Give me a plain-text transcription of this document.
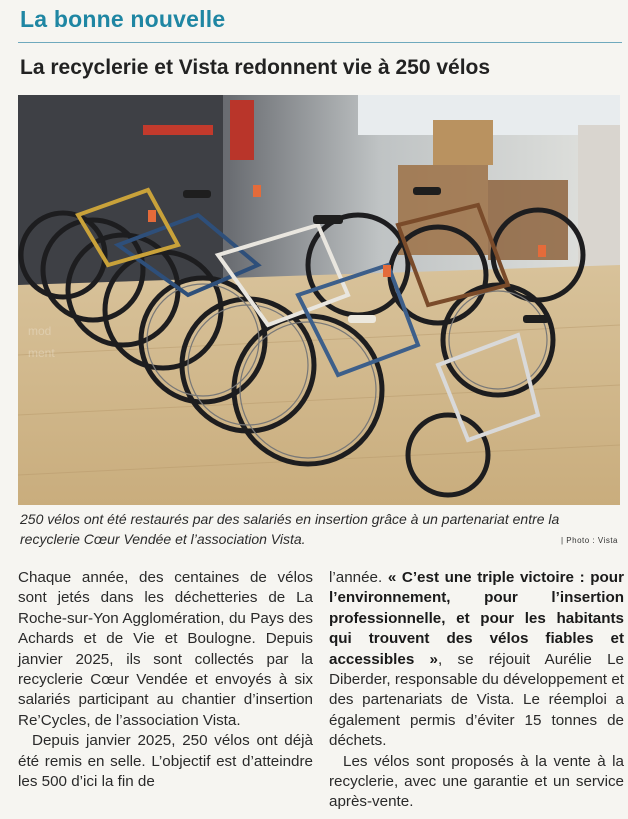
La bonne nouvelle
La recyclerie et Vista redonnent vie à 250 vélos
mod
ment
250 vélos ont été restaurés par des salariés en insertion grâce à un partenariat entre la recyclerie Cœur Vendée et l’association Vista.	| Photo : Vista

Chaque année, des centaines de vélos sont jetés dans les déchetteries de La Roche-sur-Yon Agglomération, du Pays des Achards et de Vie et Boulogne. Depuis janvier 2025, ils sont collectés par la recyclerie Cœur Vendée et envoyés à six salariés participant au chantier d’insertion Re’Cycles, de l’association Vista.

Depuis janvier 2025, 250 vélos ont déjà été remis en selle. L’objectif est d’atteindre les 500 d’ici la fin de

l’année. « C’est une triple victoire : pour l’environnement, pour l’insertion professionnelle, et pour les habitants qui trouvent des vélos fiables et accessibles », se réjouit Aurélie Le Diberder, responsable du développement et des partenariats de Vista. Le réemploi a également permis d’éviter 15 tonnes de déchets.

Les vélos sont proposés à la vente à la recyclerie, avec une garantie et un service après-vente.
